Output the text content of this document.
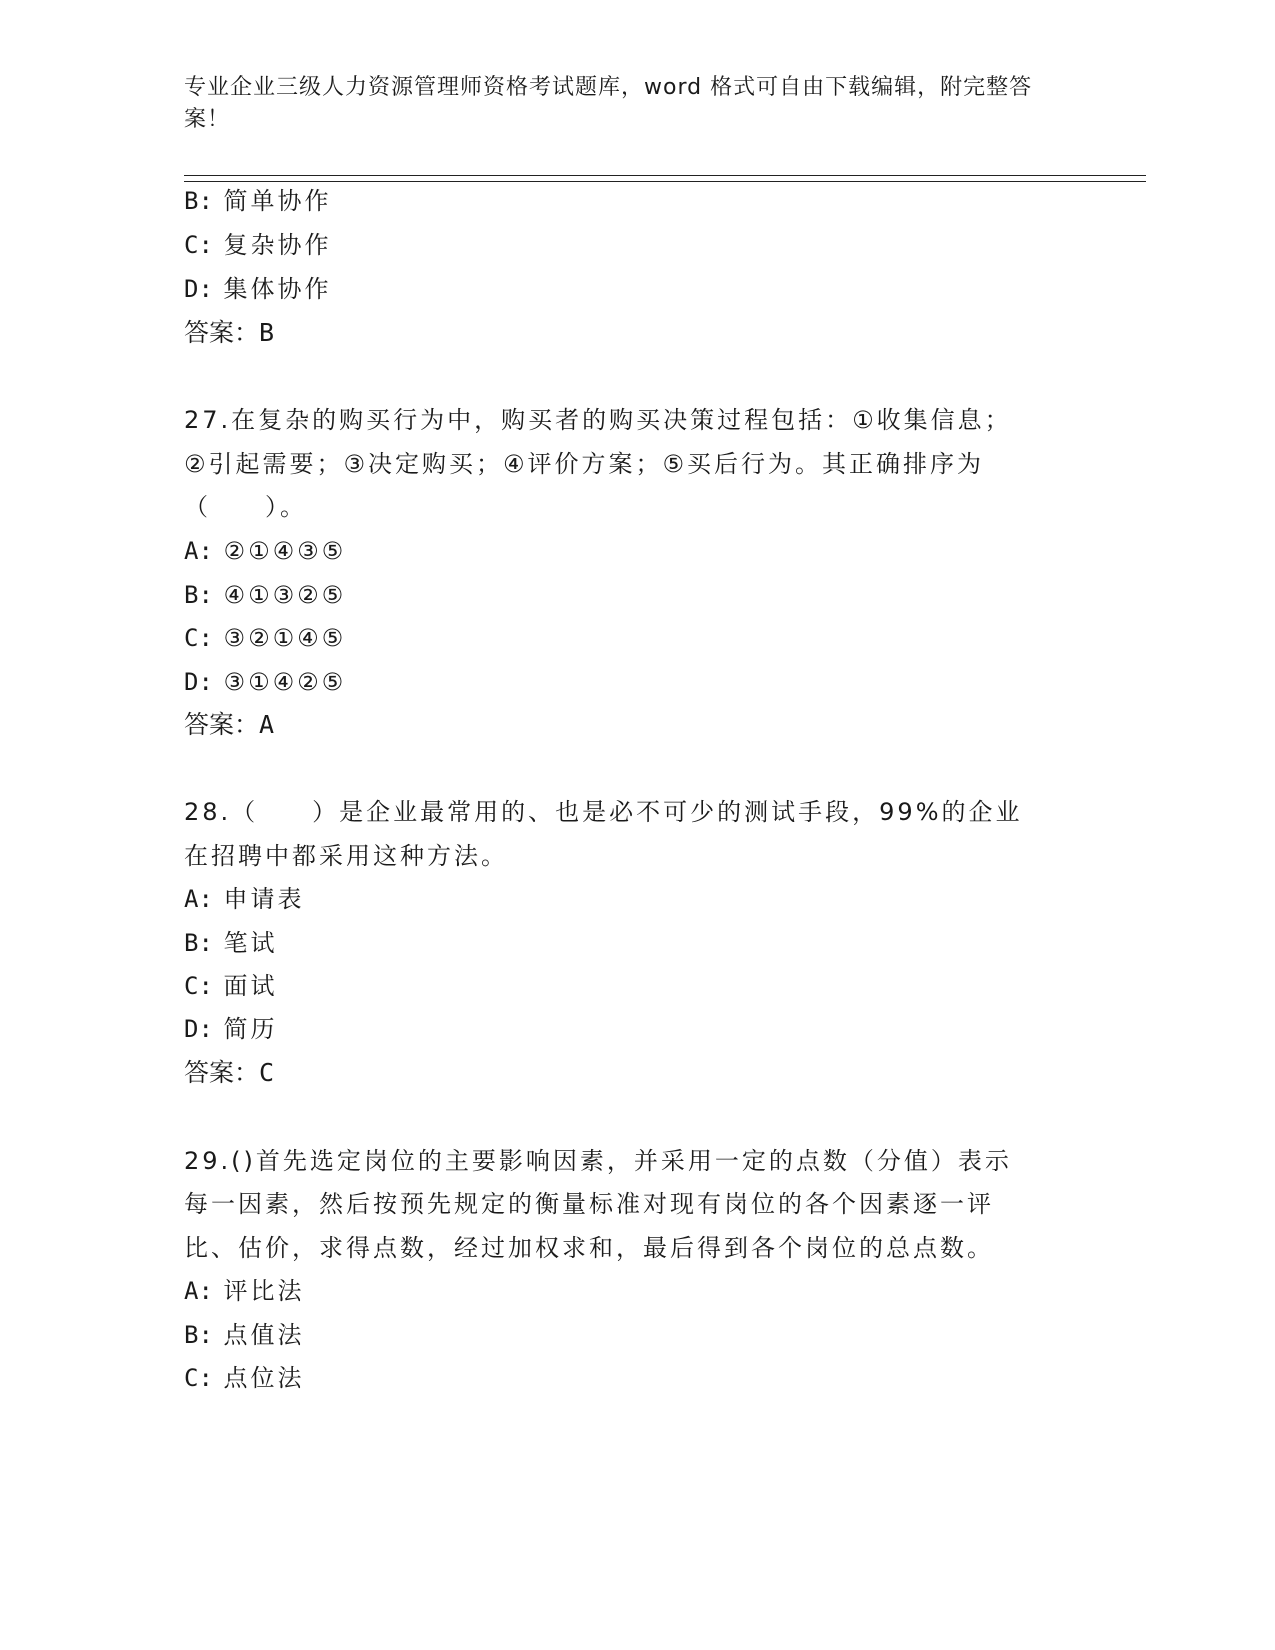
专业企业三级人力资源管理师资格考试题库，word 格式可自由下载编辑，附完整答案！
B: 简单协作
C: 复杂协作
D: 集体协作
答案：B
27.在复杂的购买行为中，购买者的购买决策过程包括：①收集信息；
②引起需要；③决定购买；④评价方案；⑤买后行为。其正确排序为
（　　）。
A: ②①④③⑤
B: ④①③②⑤
C: ③②①④⑤
D: ③①④②⑤
答案：A
28.（　　）是企业最常用的、也是必不可少的测试手段，99%的企业
在招聘中都采用这种方法。
A: 申请表
B: 笔试
C: 面试
D: 简历
答案：C
29.()首先选定岗位的主要影响因素，并采用一定的点数（分值）表示
每一因素，然后按预先规定的衡量标准对现有岗位的各个因素逐一评
比、估价，求得点数，经过加权求和，最后得到各个岗位的总点数。
A: 评比法
B: 点值法
C: 点位法
